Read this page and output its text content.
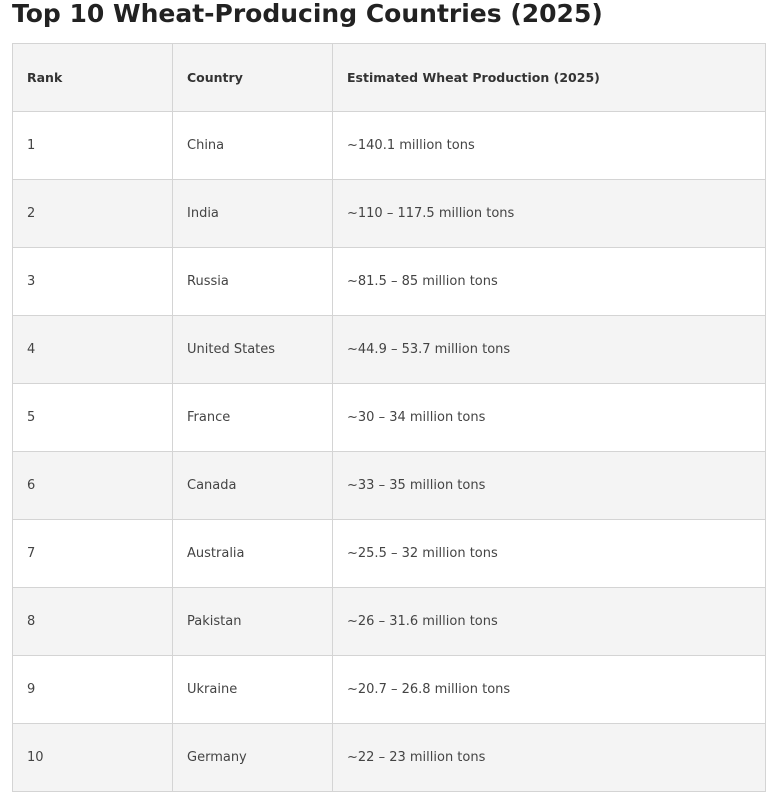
Top 10 Wheat-Producing Countries (2025)
Rank	Country	Estimated Wheat Production (2025)
1	China	~140.1 million tons
2	India	~110 – 117.5 million tons
3	Russia	~81.5 – 85 million tons
4	United States	~44.9 – 53.7 million tons
5	France	~30 – 34 million tons
6	Canada	~33 – 35 million tons
7	Australia	~25.5 – 32 million tons
8	Pakistan	~26 – 31.6 million tons
9	Ukraine	~20.7 – 26.8 million tons
10	Germany	~22 – 23 million tons
